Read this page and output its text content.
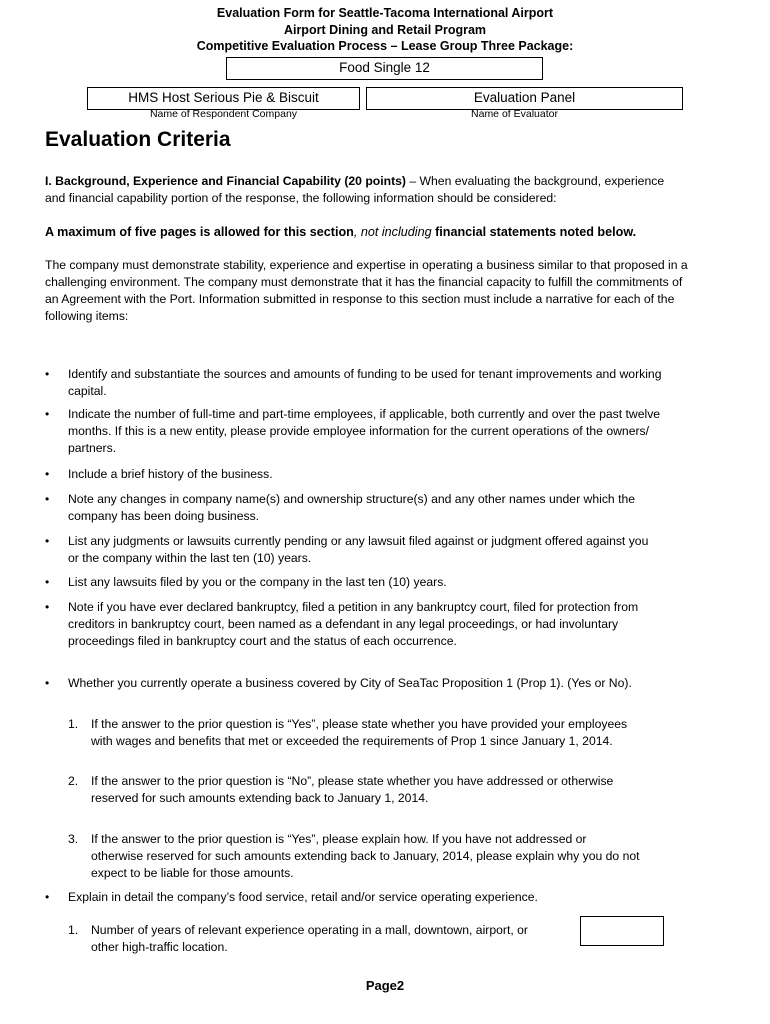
Evaluation Form for Seattle-Tacoma International Airport
Airport Dining and Retail Program
Competitive Evaluation Process – Lease Group Three Package:
Food Single 12
HMS Host Serious Pie & Biscuit
Name of Respondent Company
Evaluation Panel
Name of Evaluator
Evaluation Criteria
I. Background, Experience and Financial Capability (20 points) – When evaluating the background, experience
and financial capability portion of the response, the following information should be considered:
A maximum of five pages is allowed for this section, not including financial statements noted below.
The company must demonstrate stability, experience and expertise in operating a business similar to that proposed in a
challenging environment. The company must demonstrate that it has the financial capacity to fulfill the commitments of
an Agreement with the Port. Information submitted in response to this section must include a narrative for each of the
following items:
• Identify and substantiate the sources and amounts of funding to be used for tenant improvements and working
capital.
• Indicate the number of full-time and part-time employees, if applicable, both currently and over the past twelve
months. If this is a new entity, please provide employee information for the current operations of the owners/
partners.
• Include a brief history of the business.
• Note any changes in company name(s) and ownership structure(s) and any other names under which the
company has been doing business.
• List any judgments or lawsuits currently pending or any lawsuit filed against or judgment offered against you
or the company within the last ten (10) years.
• List any lawsuits filed by you or the company in the last ten (10) years.
• Note if you have ever declared bankruptcy, filed a petition in any bankruptcy court, filed for protection from
creditors in bankruptcy court, been named as a defendant in any legal proceedings, or had involuntary
proceedings filed in bankruptcy court and the status of each occurrence.
• Whether you currently operate a business covered by City of SeaTac Proposition 1 (Prop 1). (Yes or No).
1. If the answer to the prior question is “Yes”, please state whether you have provided your employees
with wages and benefits that met or exceeded the requirements of Prop 1 since January 1, 2014.
2. If the answer to the prior question is “No”, please state whether you have addressed or otherwise
reserved for such amounts extending back to January 1, 2014.
3. If the answer to the prior question is “Yes”, please explain how. If you have not addressed or
otherwise reserved for such amounts extending back to January, 2014, please explain why you do not
expect to be liable for those amounts.
• Explain in detail the company’s food service, retail and/or service operating experience.
1. Number of years of relevant experience operating in a mall, downtown, airport, or
other high-traffic location.
Page2
